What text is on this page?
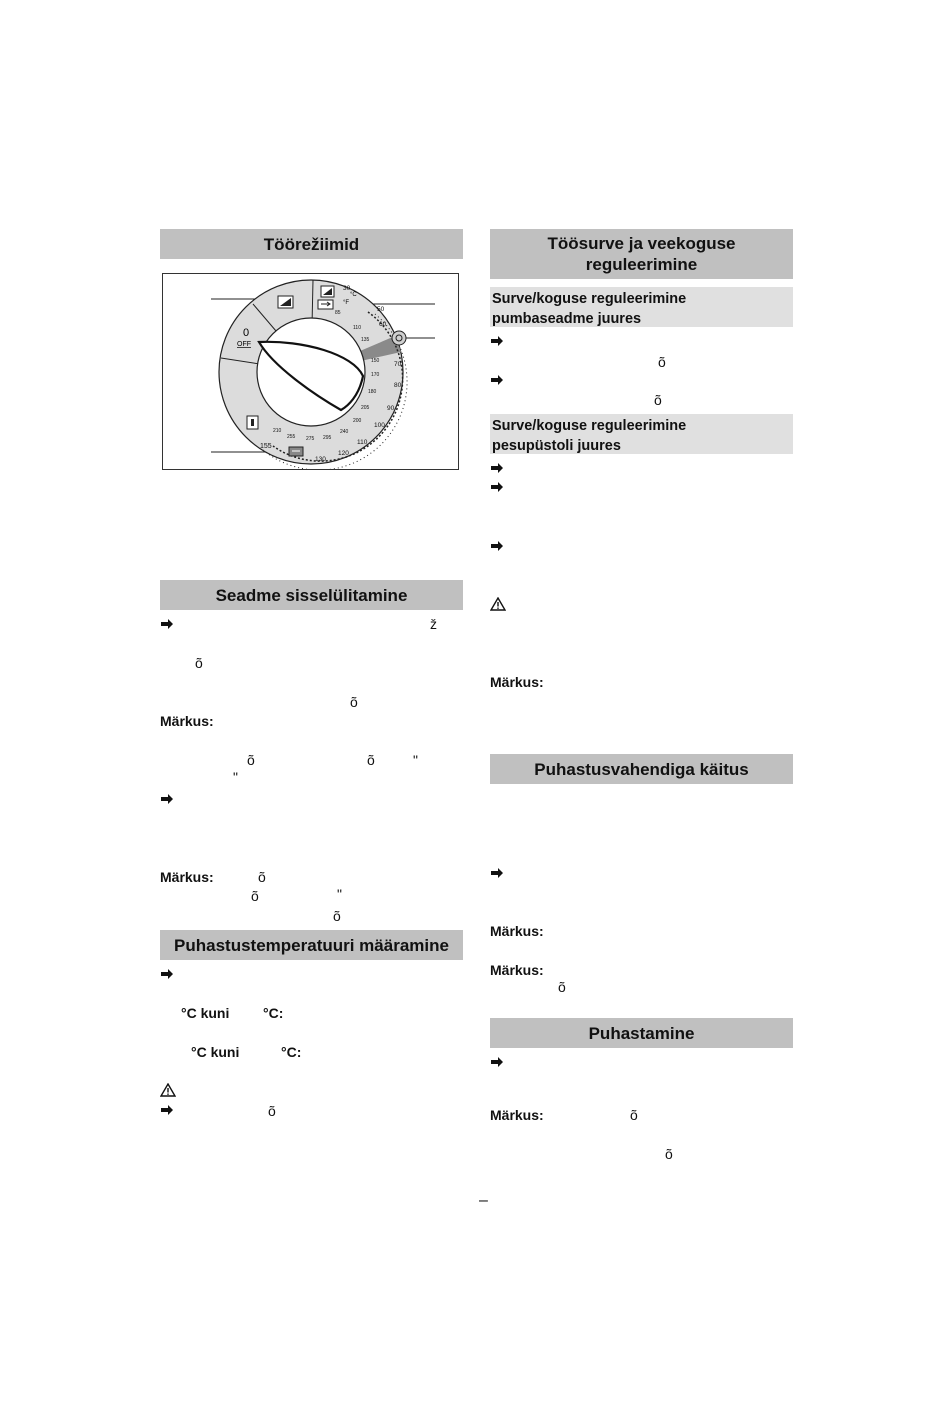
Töörežiimid
0
OFF
°C
°F
30
50
60
70
80
90
100
110
120
130
85
110
135
150
170
180
205
200
240
210
255 275 295
155
Seadme sisselülitamine
ž
õ
õ
Märkus:
õ	õ	"
"
Märkus:	õ
õ	"
õ
Puhastustemperatuuri määramine
°C kuni °C:
°C kuni	°C:
õ
Töösurve ja veekoguse
reguleerimine
Surve/koguse reguleerimine
pumbaseadme juures
õ
õ
Surve/koguse reguleerimine
pesupüstoli juures
Märkus:
Puhastusvahendiga käitus
Märkus:
Märkus:
õ
Puhastamine
Märkus:	õ
õ
–
